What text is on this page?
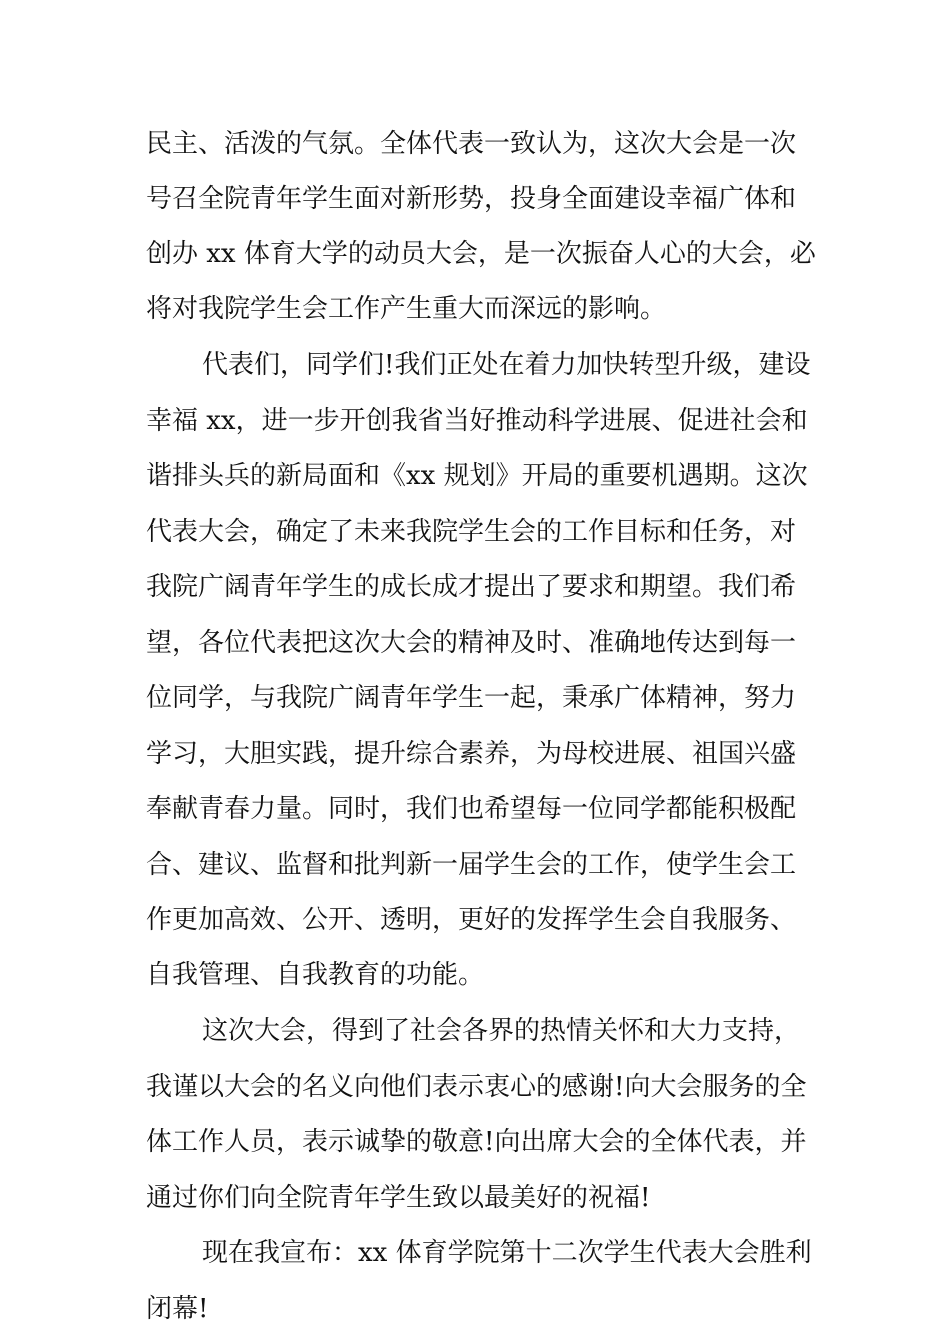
民主、活泼的气氛。全体代表一致认为，这次大会是一次
号召全院青年学生面对新形势，投身全面建设幸福广体和
创办 xx 体育大学的动员大会，是一次振奋人心的大会，必
将对我院学生会工作产生重大而深远的影响。
代表们，同学们!我们正处在着力加快转型升级，建设
幸福 xx，进一步开创我省当好推动科学进展、促进社会和
谐排头兵的新局面和《xx 规划》开局的重要机遇期。这次
代表大会，确定了未来我院学生会的工作目标和任务，对
我院广阔青年学生的成长成才提出了要求和期望。我们希
望，各位代表把这次大会的精神及时、准确地传达到每一
位同学，与我院广阔青年学生一起，秉承广体精神，努力
学习，大胆实践，提升综合素养，为母校进展、祖国兴盛
奉献青春力量。同时，我们也希望每一位同学都能积极配
合、建议、监督和批判新一届学生会的工作，使学生会工
作更加高效、公开、透明，更好的发挥学生会自我服务、
自我管理、自我教育的功能。
这次大会，得到了社会各界的热情关怀和大力支持，
我谨以大会的名义向他们表示衷心的感谢!向大会服务的全
体工作人员，表示诚挚的敬意!向出席大会的全体代表，并
通过你们向全院青年学生致以最美好的祝福!
现在我宣布：xx 体育学院第十二次学生代表大会胜利
闭幕!
